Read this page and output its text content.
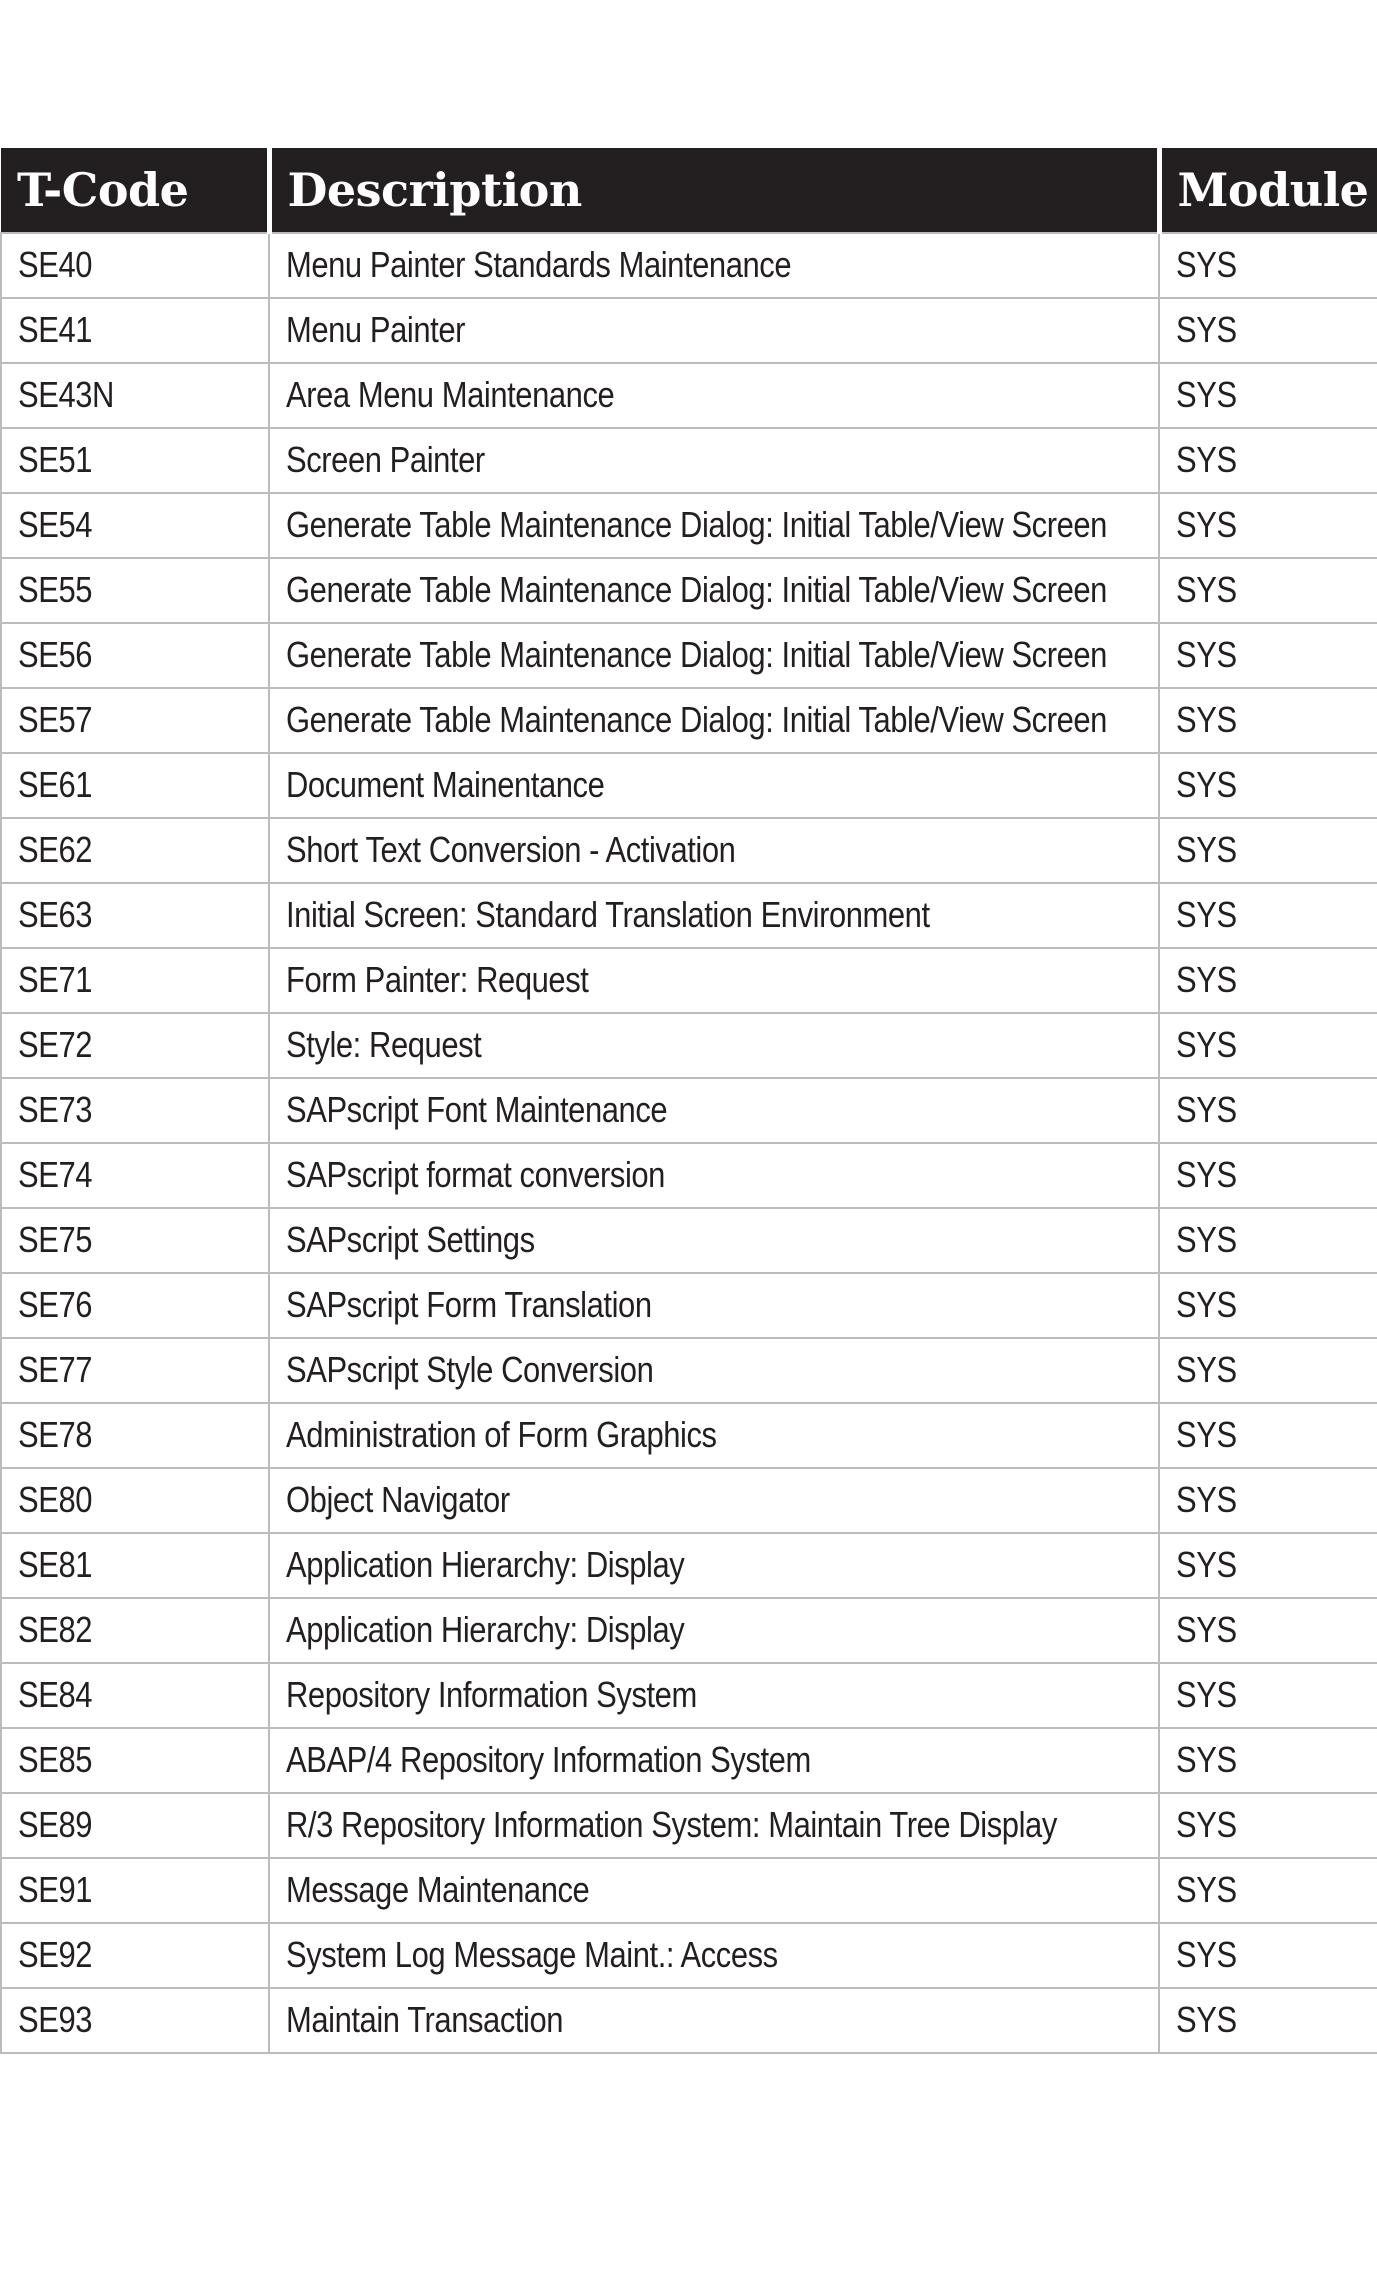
T-Code	Description	Module
SE40	Menu Painter Standards Maintenance	SYS
SE41	Menu Painter	SYS
SE43N	Area Menu Maintenance	SYS
SE51	Screen Painter	SYS
SE54	Generate Table Maintenance Dialog: Initial Table/View Screen	SYS
SE55	Generate Table Maintenance Dialog: Initial Table/View Screen	SYS
SE56	Generate Table Maintenance Dialog: Initial Table/View Screen	SYS
SE57	Generate Table Maintenance Dialog: Initial Table/View Screen	SYS
SE61	Document Mainentance	SYS
SE62	Short Text Conversion - Activation	SYS
SE63	Initial Screen: Standard Translation Environment	SYS
SE71	Form Painter: Request	SYS
SE72	Style: Request	SYS
SE73	SAPscript Font Maintenance	SYS
SE74	SAPscript format conversion	SYS
SE75	SAPscript Settings	SYS
SE76	SAPscript Form Translation	SYS
SE77	SAPscript Style Conversion	SYS
SE78	Administration of Form Graphics	SYS
SE80	Object Navigator	SYS
SE81	Application Hierarchy: Display	SYS
SE82	Application Hierarchy: Display	SYS
SE84	Repository Information System	SYS
SE85	ABAP/4 Repository Information System	SYS
SE89	R/3 Repository Information System: Maintain Tree Display	SYS
SE91	Message Maintenance	SYS
SE92	System Log Message Maint.: Access	SYS
SE93	Maintain Transaction	SYS
